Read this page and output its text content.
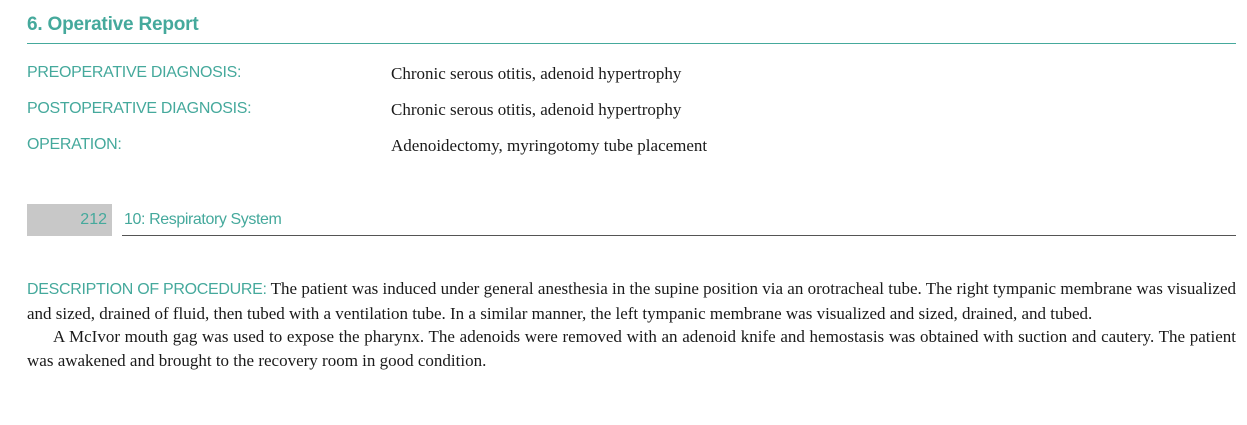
6. Operative Report
PREOPERATIVE DIAGNOSIS:	Chronic serous otitis, adenoid hypertrophy
POSTOPERATIVE DIAGNOSIS:	Chronic serous otitis, adenoid hypertrophy
OPERATION:	Adenoidectomy, myringotomy tube placement
212 10: Respiratory System

DESCRIPTION OF PROCEDURE: The patient was induced under general anesthesia in the supine position via an orotracheal tube. The right tympanic membrane was visualized and sized, drained of fluid, then tubed with a ventilation tube. In a similar manner, the left tympanic membrane was visualized and sized, drained, and tubed.

A McIvor mouth gag was used to expose the pharynx. The adenoids were removed with an adenoid knife and hemostasis was obtained with suction and cautery. The patient was awakened and brought to the recovery room in good condition.
